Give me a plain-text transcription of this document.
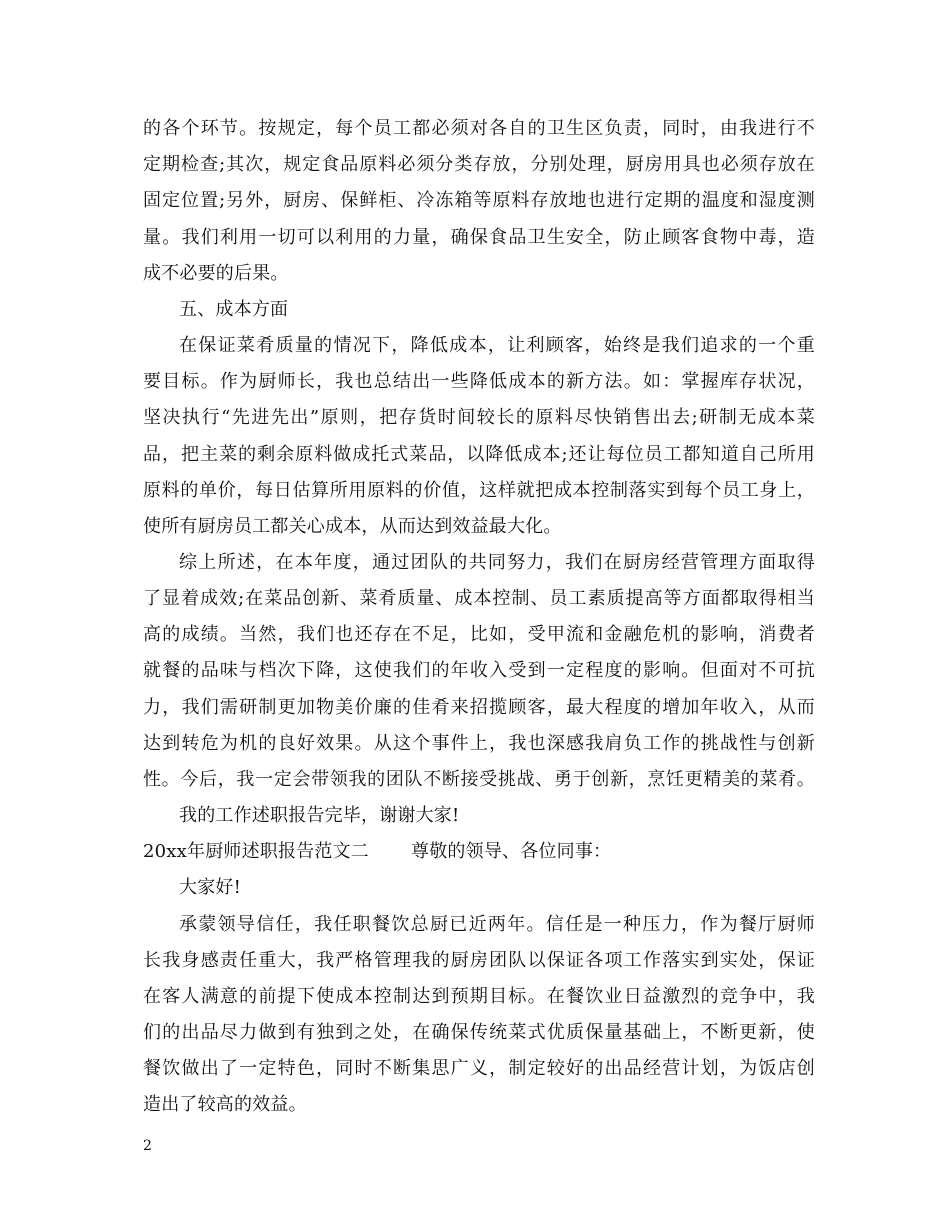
的各个环节。按规定，每个员工都必须对各自的卫生区负责，同时，由我进行不
定期检查;其次，规定食品原料必须分类存放，分别处理，厨房用具也必须存放在
固定位置;另外，厨房、保鲜柜、冷冻箱等原料存放地也进行定期的温度和湿度测
量。我们利用一切可以利用的力量，确保食品卫生安全，防止顾客食物中毒，造
成不必要的后果。
五、成本方面
在保证菜肴质量的情况下，降低成本，让利顾客，始终是我们追求的一个重
要目标。作为厨师长，我也总结出一些降低成本的新方法。如：掌握库存状况，
坚决执行“先进先出”原则，把存货时间较长的原料尽快销售出去;研制无成本菜
品，把主菜的剩余原料做成托式菜品，以降低成本;还让每位员工都知道自己所用
原料的单价，每日估算所用原料的价值，这样就把成本控制落实到每个员工身上，
使所有厨房员工都关心成本，从而达到效益最大化。
综上所述，在本年度，通过团队的共同努力，我们在厨房经营管理方面取得
了显着成效;在菜品创新、菜肴质量、成本控制、员工素质提高等方面都取得相当
高的成绩。当然，我们也还存在不足，比如，受甲流和金融危机的影响，消费者
就餐的品味与档次下降，这使我们的年收入受到一定程度的影响。但面对不可抗
力，我们需研制更加物美价廉的佳肴来招揽顾客，最大程度的增加年收入，从而
达到转危为机的良好效果。从这个事件上，我也深感我肩负工作的挑战性与创新
性。今后，我一定会带领我的团队不断接受挑战、勇于创新，烹饪更精美的菜肴。
我的工作述职报告完毕，谢谢大家!
20xx年厨师述职报告范文二 尊敬的领导、各位同事：
大家好!
承蒙领导信任，我任职餐饮总厨已近两年。信任是一种压力，作为餐厅厨师
长我身感责任重大，我严格管理我的厨房团队以保证各项工作落实到实处，保证
在客人满意的前提下使成本控制达到预期目标。在餐饮业日益激烈的竞争中，我
们的出品尽力做到有独到之处，在确保传统菜式优质保量基础上，不断更新，使
餐饮做出了一定特色，同时不断集思广义，制定较好的出品经营计划，为饭店创
造出了较高的效益。
2
